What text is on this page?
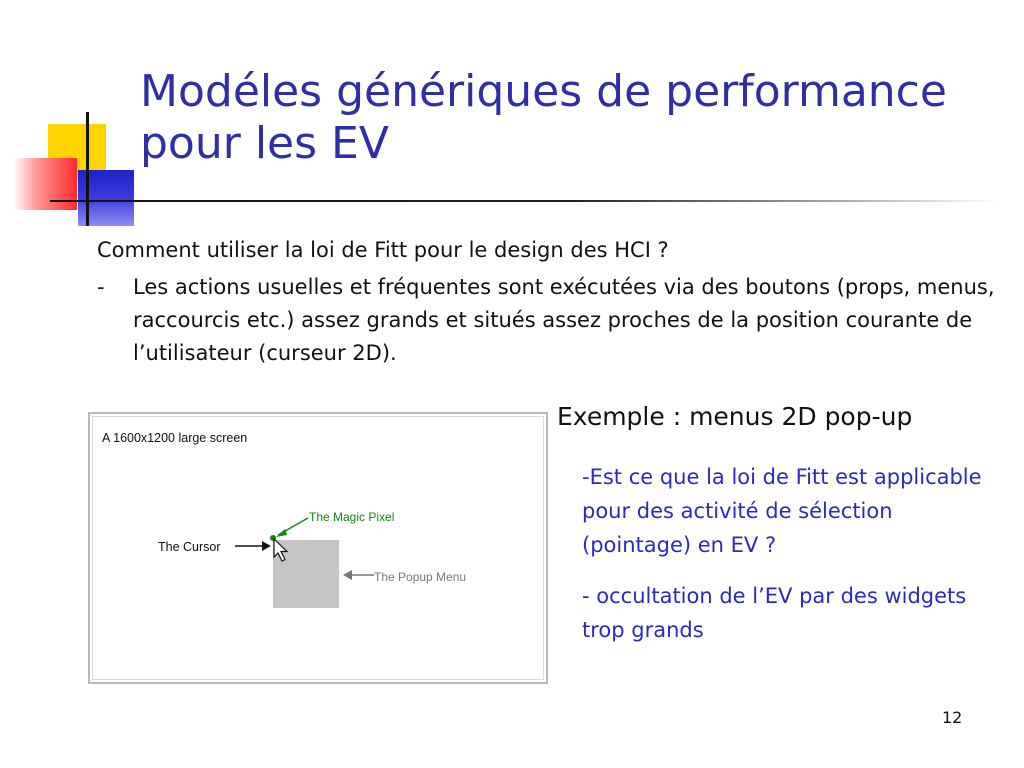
Modéles génériques de performance pour les EV

Comment utiliser la loi de Fitt pour le design des HCI ?

-	Les actions usuelles et fréquentes sont exécutées via des boutons (props, menus, raccourcis etc.) assez grands et situés assez proches de la position courante de l’utilisateur (curseur 2D).

A 1600x1200 large screen
The Magic Pixel
The Cursor
The Popup Menu

Exemple : menus 2D pop-up

-Est ce que la loi de Fitt est applicable pour des activité de sélection (pointage) en EV ?

- occultation de l’EV par des widgets trop grands

12
